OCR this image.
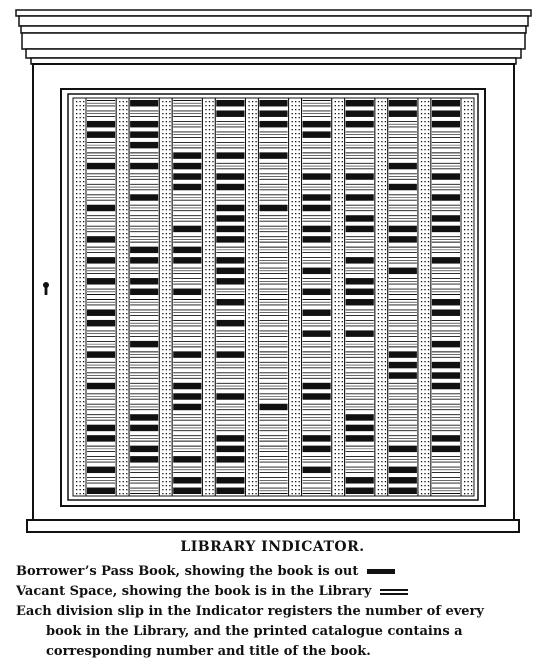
LIBRARY INDICATOR.
Borrower’s Pass Book, showing the book is out
Vacant Space, showing the book is in the Library
Each division slip in the Indicator registers the number of every
book in the Library, and the printed catalogue contains a
corresponding number and title of the book.
